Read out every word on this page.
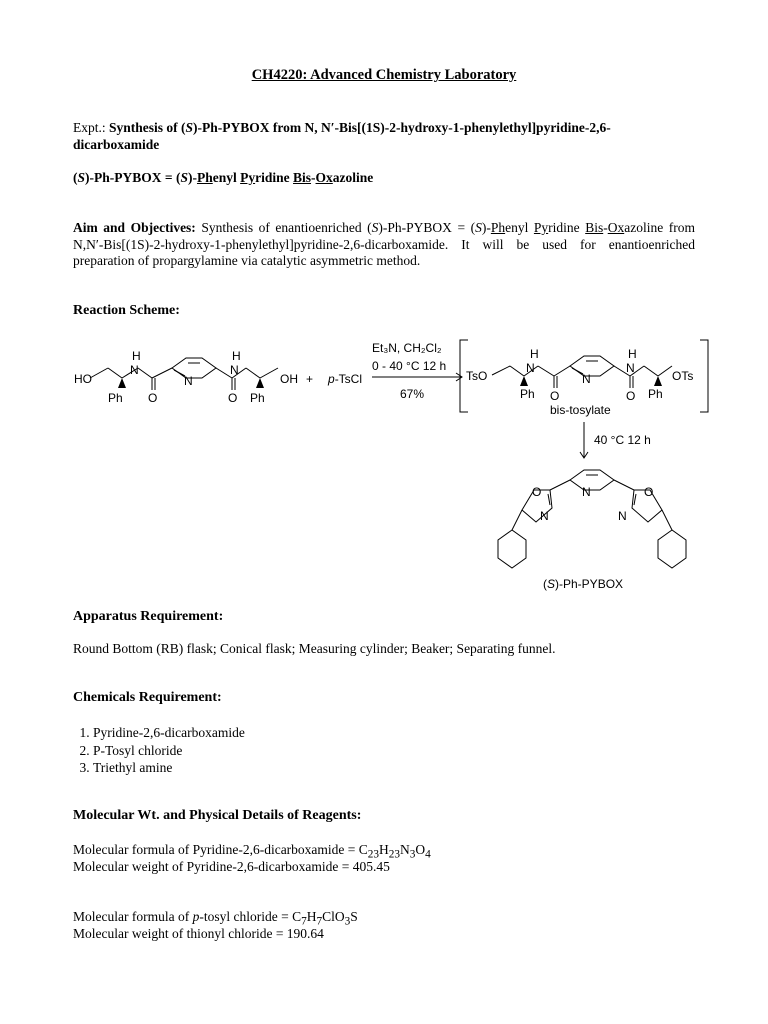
CH4220: Advanced Chemistry Laboratory
Expt.: Synthesis of (S)-Ph-PYBOX from N, N′-Bis[(1S)-2-hydroxy-1-phenylethyl]pyridine-2,6-dicarboxamide
(S)-Ph-PYBOX = (S)-Phenyl Pyridine Bis-Oxazoline
Aim and Objectives: Synthesis of enantioenriched (S)-Ph-PYBOX = (S)-Phenyl Pyridine Bis-Oxazoline from N,N′-Bis[(1S)-2-hydroxy-1-phenylethyl]pyridine-2,6-dicarboxamide. It will be used for enantioenriched preparation of propargylamine via catalytic asymmetric method.
Reaction Scheme:
HO
Ph
H
N
O
N
O
H
N
Ph
OH + p-TsCl
Et₃N, CH₂Cl₂
0 - 40 °C 12 h
67%
TsO
Ph
H
N
O
N
O
H
N
Ph
OTs
bis-tosylate
40 °C 12 h
O
N
N	O
N
(S)-Ph-PYBOX
Apparatus Requirement:
Round Bottom (RB) flask; Conical flask; Measuring cylinder; Beaker; Separating funnel.
Chemicals Requirement:
1. Pyridine-2,6-dicarboxamide
2. P-Tosyl chloride
3. Triethyl amine
Molecular Wt. and Physical Details of Reagents:
Molecular formula of Pyridine-2,6-dicarboxamide = $C_{23}H_{23}N_3O_4$
Molecular weight of Pyridine-2,6-dicarboxamide = 405.45
Molecular formula of p-tosyl chloride = $C_7H_7ClO_3S$
Molecular weight of thionyl chloride = 190.64
